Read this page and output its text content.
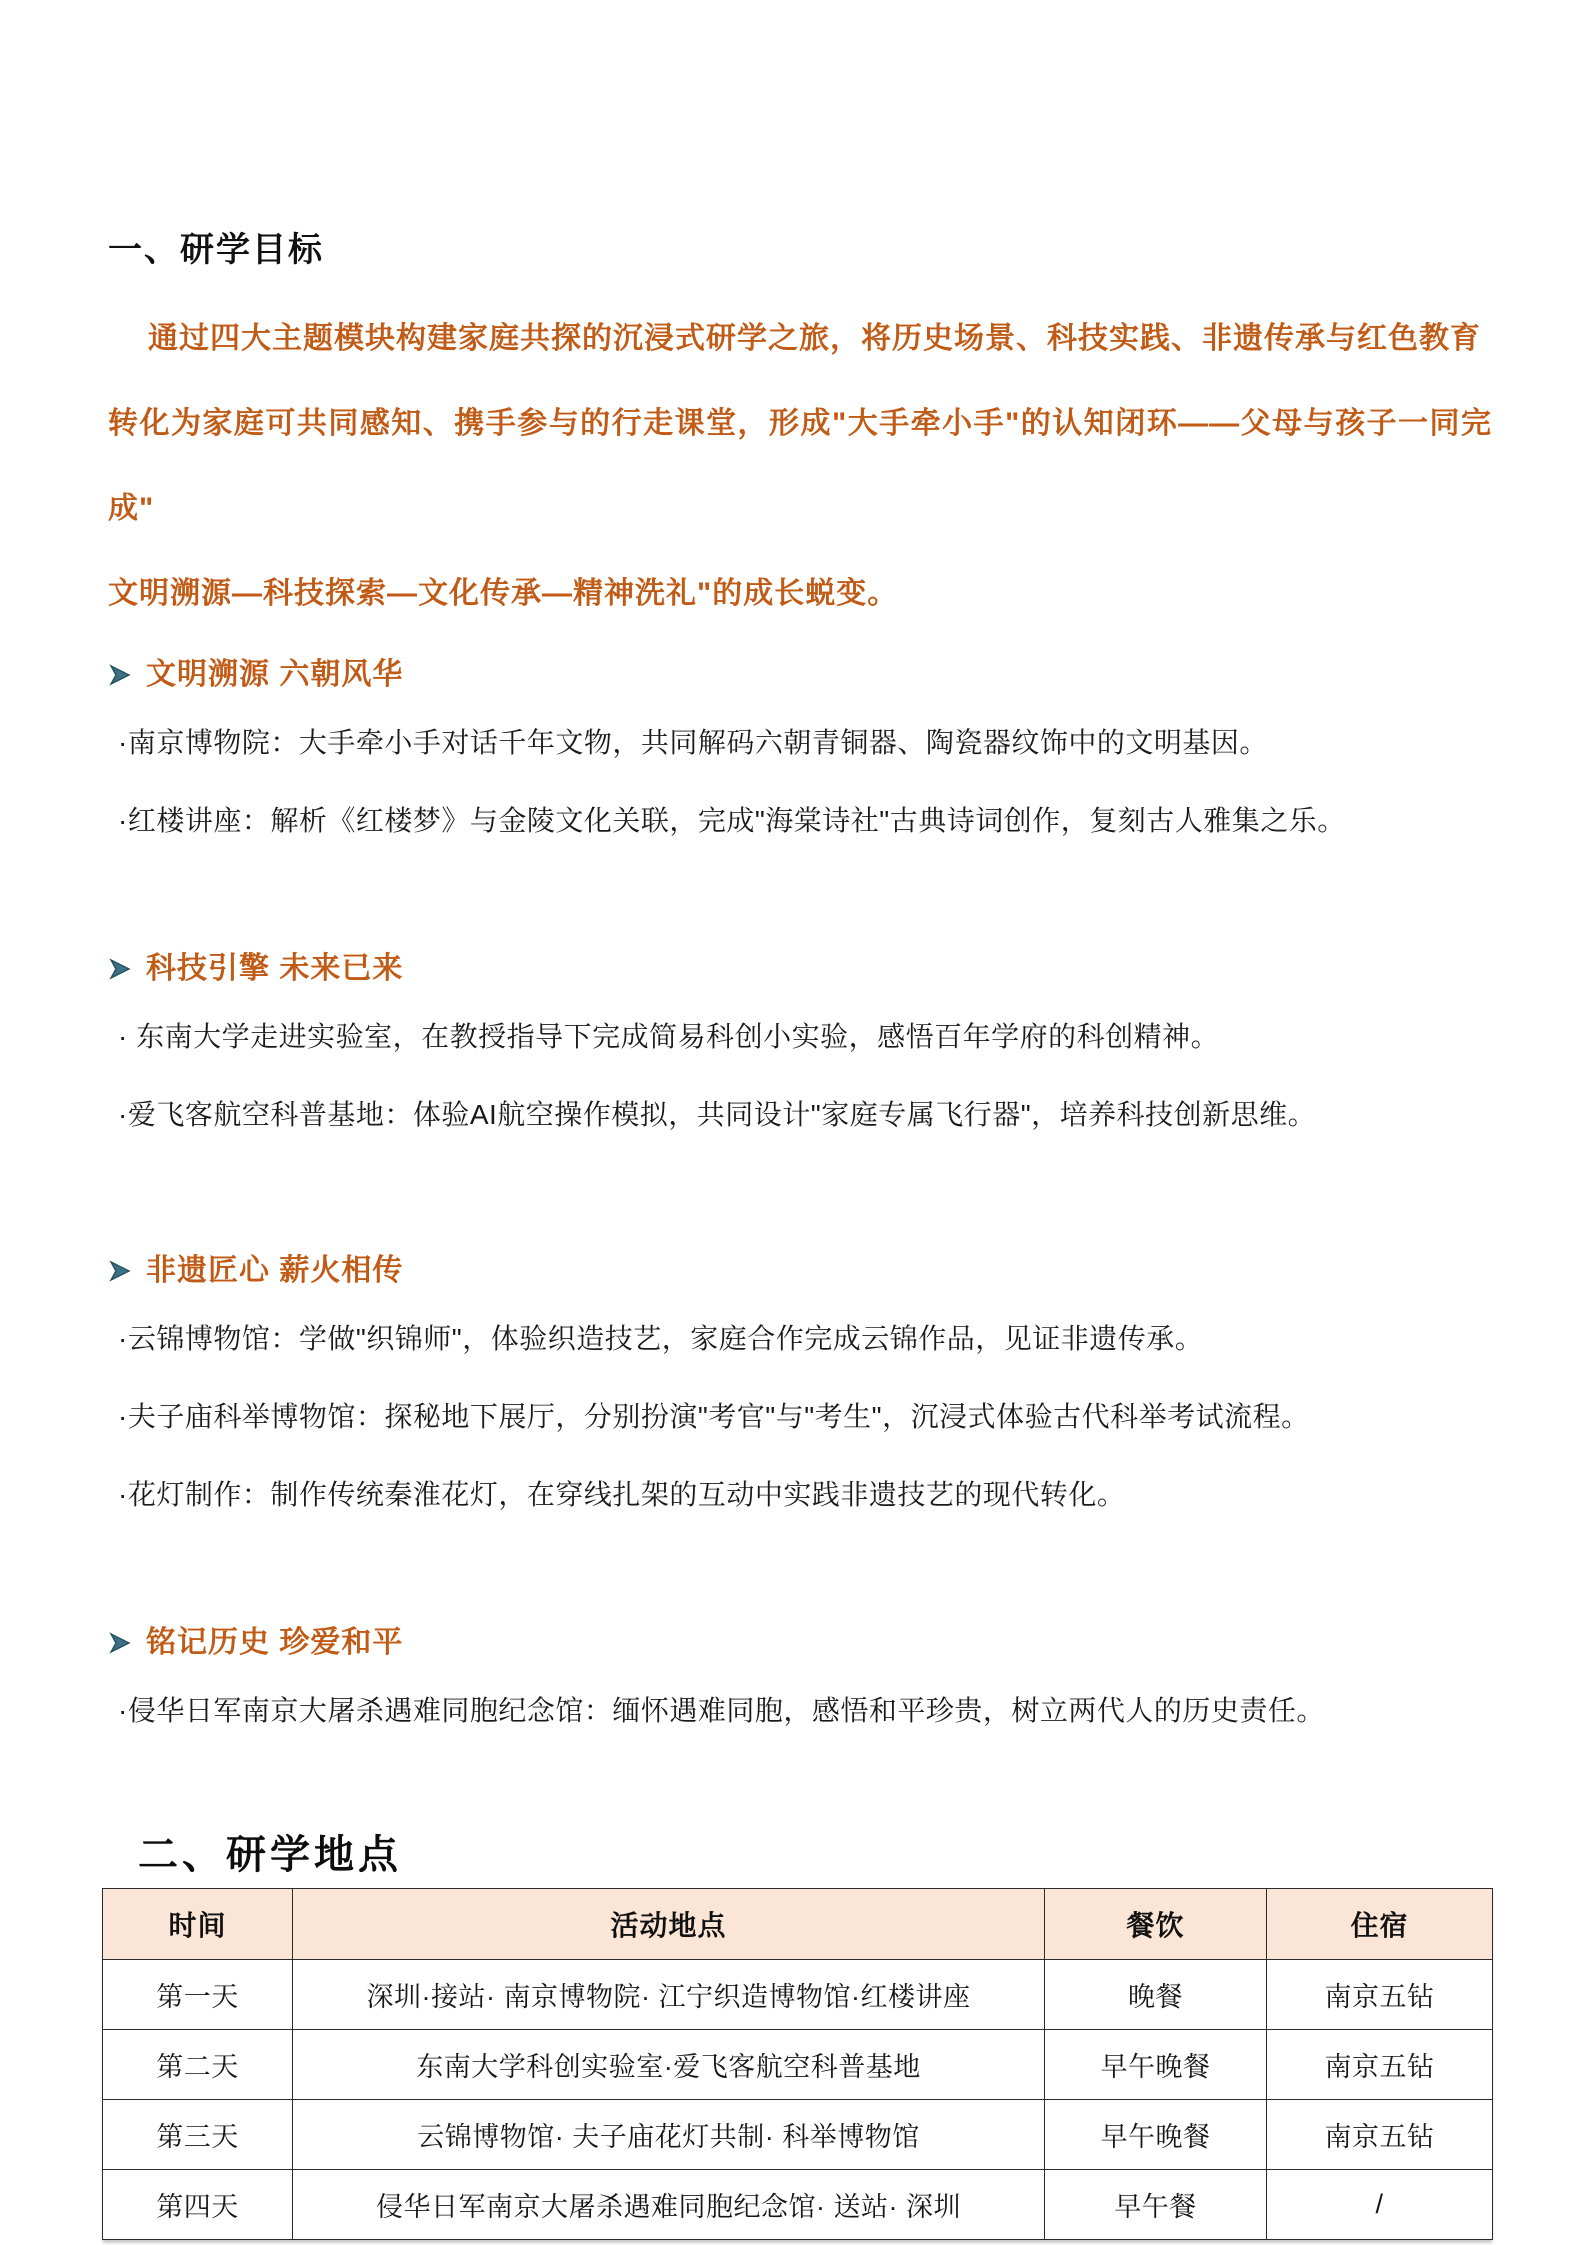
一、研学目标
通过四大主题模块构建家庭共探的沉浸式研学之旅，将历史场景、科技实践、非遗传承与红色教育
转化为家庭可共同感知、携手参与的行走课堂，形成"大手牵小手"的认知闭环——父母与孩子一同完成"
文明溯源—科技探索—文化传承—精神洗礼"的成长蜕变。
文明溯源 六朝风华
·南京博物院：大手牵小手对话千年文物，共同解码六朝青铜器、陶瓷器纹饰中的文明基因。
·红楼讲座：解析《红楼梦》与金陵文化关联，完成"海棠诗社"古典诗词创作，复刻古人雅集之乐。
科技引擎 未来已来
· 东南大学走进实验室，在教授指导下完成简易科创小实验，感悟百年学府的科创精神。
·爱飞客航空科普基地：体验AI航空操作模拟，共同设计"家庭专属飞行器"，培养科技创新思维。
非遗匠心 薪火相传
·云锦博物馆：学做"织锦师"，体验织造技艺，家庭合作完成云锦作品，见证非遗传承。
·夫子庙科举博物馆：探秘地下展厅，分别扮演"考官"与"考生"，沉浸式体验古代科举考试流程。
·花灯制作：制作传统秦淮花灯，在穿线扎架的互动中实践非遗技艺的现代转化。
铭记历史 珍爱和平
·侵华日军南京大屠杀遇难同胞纪念馆：缅怀遇难同胞，感悟和平珍贵，树立两代人的历史责任。
二、研学地点
时间	活动地点	餐饮	住宿
第一天	深圳·接站· 南京博物院· 江宁织造博物馆·红楼讲座	晚餐	南京五钻
第二天	东南大学科创实验室·爱飞客航空科普基地	早午晚餐	南京五钻
第三天	云锦博物馆· 夫子庙花灯共制· 科举博物馆	早午晚餐	南京五钻
第四天	侵华日军南京大屠杀遇难同胞纪念馆· 送站· 深圳	早午餐	/
